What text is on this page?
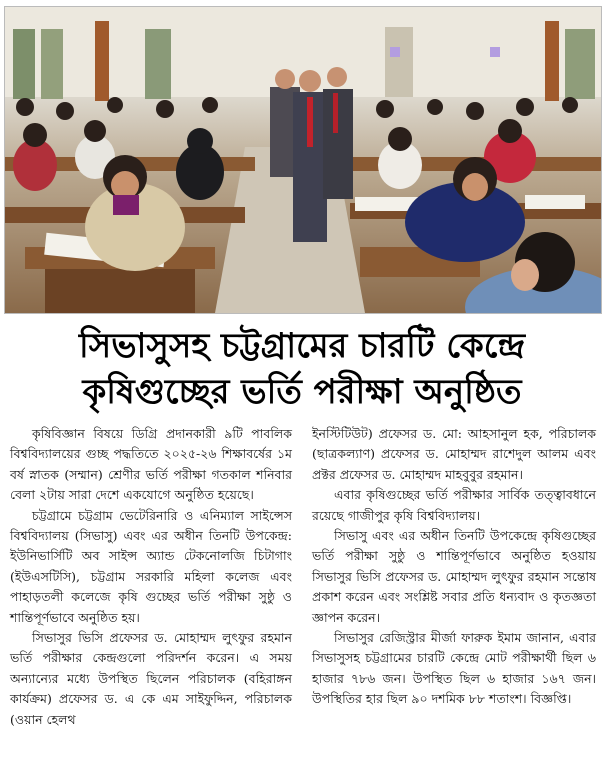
সিভাসুসহ চট্টগ্রামের চারটি কেন্দ্রে
কৃষিগুচ্ছের ভর্তি পরীক্ষা অনুষ্ঠিত

কৃষিবিজ্ঞান বিষয়ে ডিগ্রি প্রদানকারী ৯টি পাবলিক বিশ্ববিদ্যালয়ের গুচ্ছ পদ্ধতিতে ২০২৫-২৬ শিক্ষাবর্ষের ১ম বর্ষ স্নাতক (সম্মান) শ্রেণীর ভর্তি পরীক্ষা গতকাল শনিবার বেলা ২টায় সারা দেশে একযোগে অনুষ্ঠিত হয়েছে।

চট্টগ্রামে চট্টগ্রাম ভেটেরিনারি ও এনিম্যাল সাইন্সেস বিশ্ববিদ্যালয় (সিভাসু) এবং এর অধীন তিনটি উপকেন্দ্র: ইউনিভার্সিটি অব সাইন্স অ্যান্ড টেকনোলজি চিটাগাং (ইউএসটিসি), চট্টগ্রাম সরকারি মহিলা কলেজ এবং পাহাড়তলী কলেজে কৃষি গুচ্ছের ভর্তি পরীক্ষা সুষ্ঠু ও শান্তিপূর্ণভাবে অনুষ্ঠিত হয়।

সিভাসুর ভিসি প্রফেসর ড. মোহাম্মদ লুৎফুর রহমান ভর্তি পরীক্ষার কেন্দ্রগুলো পরিদর্শন করেন। এ সময় অন্যান্যের মধ্যে উপস্থিত ছিলেন পরিচালক (বহিরাঙ্গন কার্যক্রম) প্রফেসর ড. এ কে এম সাইফুদ্দিন, পরিচালক (ওয়ান হেলথ

ইনস্টিটিউট) প্রফেসর ড. মো: আহসানুল হক, পরিচালক (ছাত্রকল্যাণ) প্রফেসর ড. মোহাম্মদ রাশেদুল আলম এবং প্রক্টর প্রফেসর ড. মোহাম্মদ মাহবুবুর রহমান।

এবার কৃষিগুচ্ছের ভর্তি পরীক্ষার সার্বিক তত্ত্বাবধানে রয়েছে গাজীপুর কৃষি বিশ্ববিদ্যালয়।

সিভাসু এবং এর অধীন তিনটি উপকেন্দ্রে কৃষিগুচ্ছের ভর্তি পরীক্ষা সুষ্ঠু ও শান্তিপূর্ণভাবে অনুষ্ঠিত হওয়ায় সিভাসুর ভিসি প্রফেসর ড. মোহাম্মদ লুৎফুর রহমান সন্তোষ প্রকাশ করেন এবং সংশ্লিষ্ট সবার প্রতি ধন্যবাদ ও কৃতজ্ঞতা জ্ঞাপন করেন।

সিভাসুর রেজিস্ট্রার মীর্জা ফারুক ইমাম জানান, এবার সিভাসুসহ চট্টগ্রামের চারটি কেন্দ্রে মোট পরীক্ষার্থী ছিল ৬ হাজার ৭৮৬ জন। উপস্থিত ছিল ৬ হাজার ১৬৭ জন। উপস্থিতির হার ছিল ৯০ দশমিক ৮৮ শতাংশ। বিজ্ঞপ্তি।
